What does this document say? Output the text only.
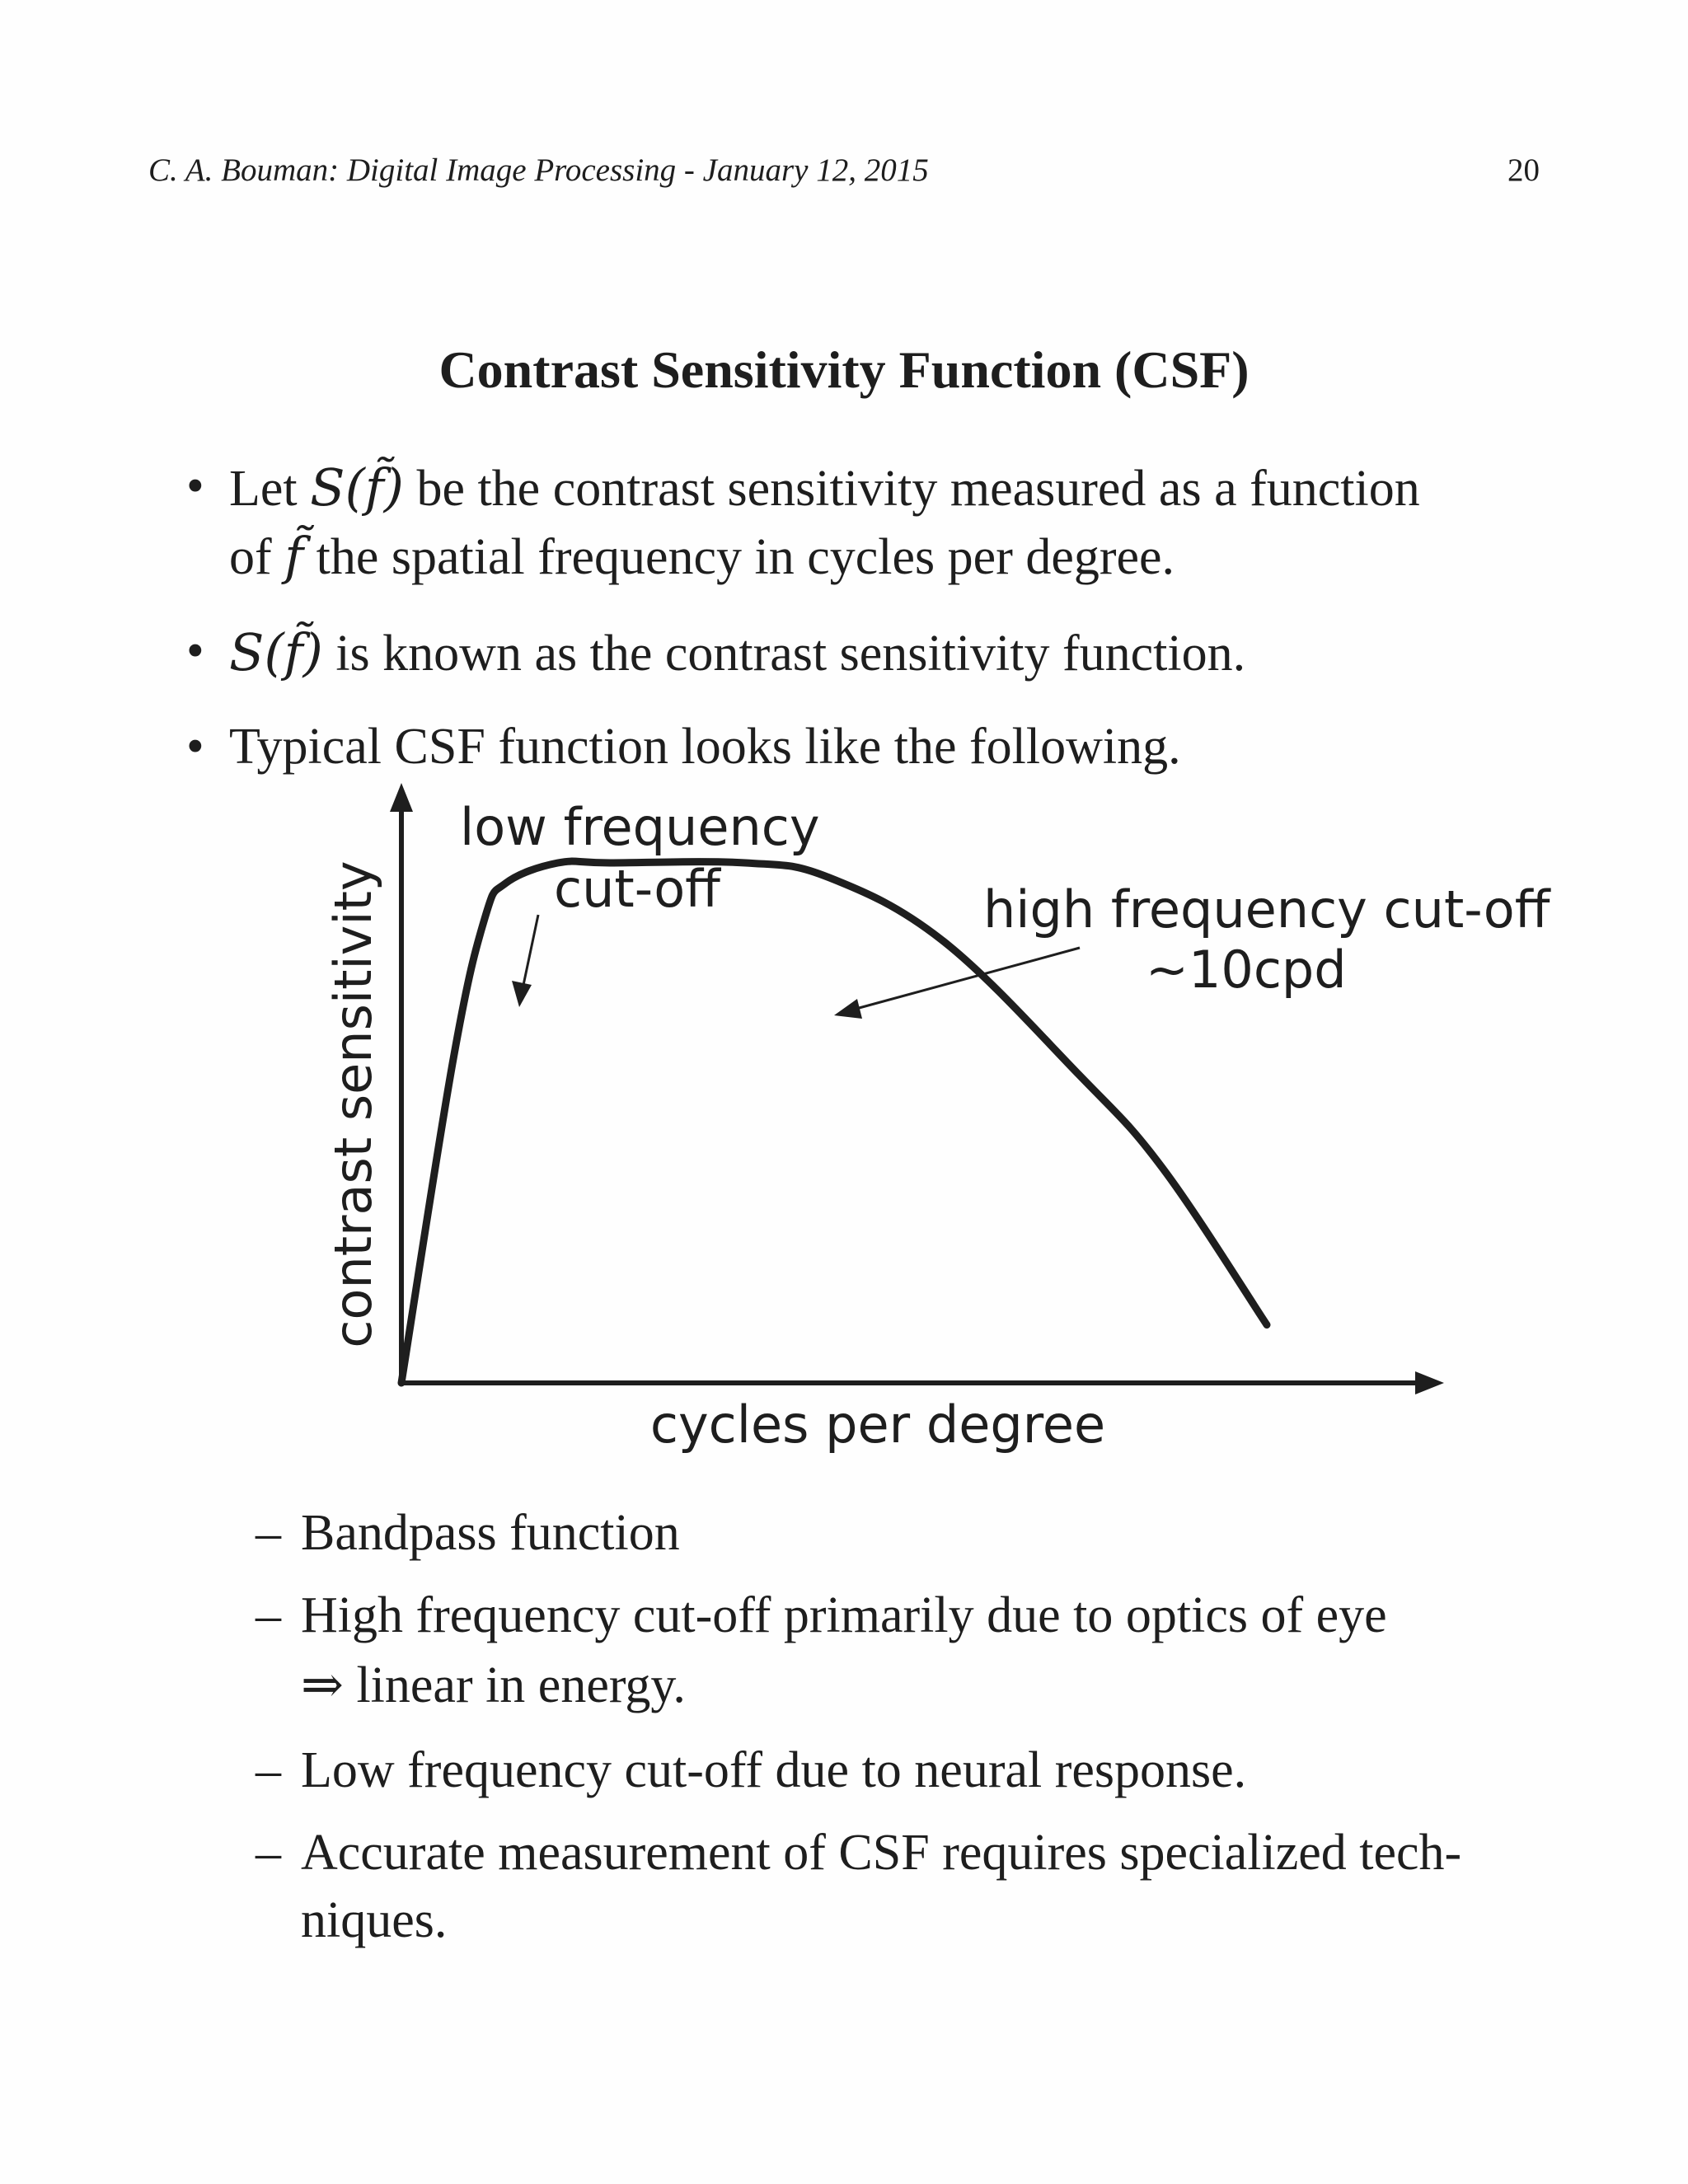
C. A. Bouman: Digital Image Processing - January 12, 2015	20
Contrast Sensitivity Function (CSF)
• Let S(f̃) be the contrast sensitivity measured as a function
of f̃ the spatial frequency in cycles per degree.
• S(f̃) is known as the contrast sensitivity function.
• Typical CSF function looks like the following.
cycles per degree
contrast sensitivity
low frequency
cut-off	high frequency cut-off
~10cpd
– Bandpass function
– High frequency cut-off primarily due to optics of eye
⇒ linear in energy.
– Low frequency cut-off due to neural response.
– Accurate measurement of CSF requires specialized tech-
niques.
